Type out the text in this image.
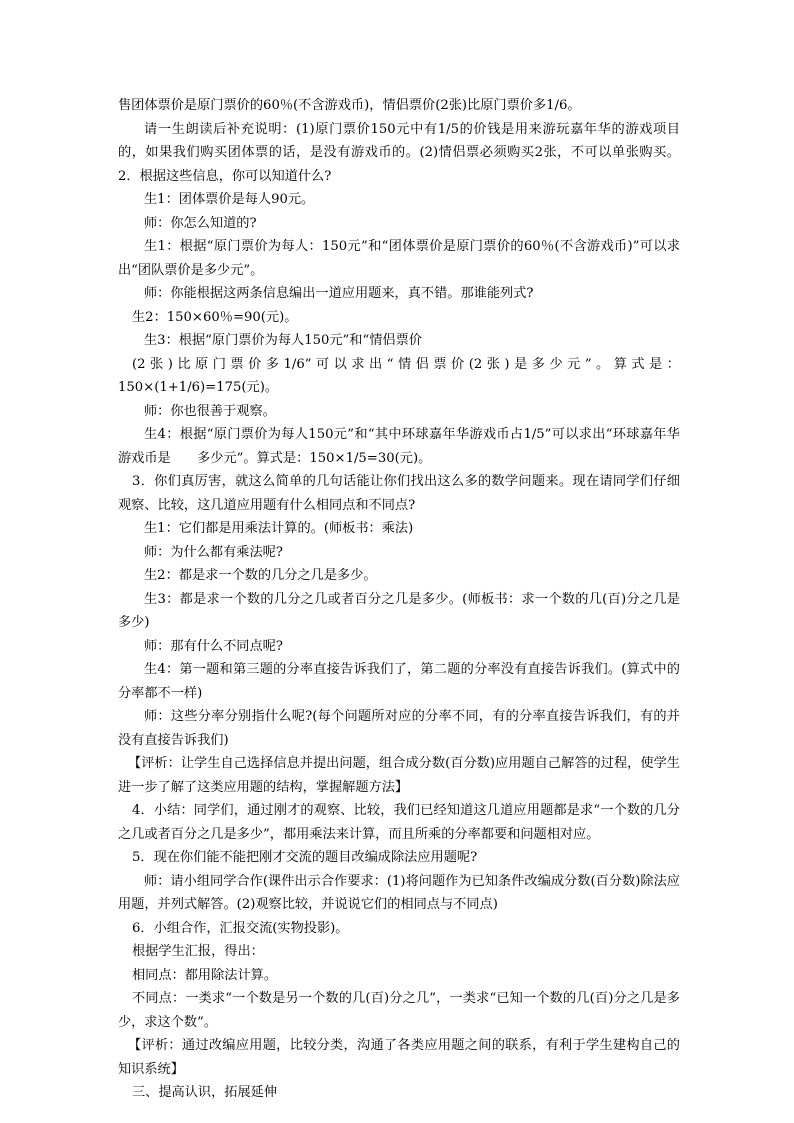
售团体票价是原门票价的60％(不含游戏币)，情侣票价(2张)比原门票价多1/6。

请一生朗读后补充说明：(1)原门票价150元中有1/5的价钱是用来游玩嘉年华的游戏项目的，如果我们购买团体票的话，是没有游戏币的。(2)情侣票必须购买2张，不可以单张购买。2．根据这些信息，你可以知道什么?

生1：团体票价是每人90元。

师：你怎么知道的?

生1：根据“原门票价为每人：150元”和“团体票价是原门票价的60％(不含游戏币)”可以求出“团队票价是多少元”。

师：你能根据这两条信息编出一道应用题来，真不错。那谁能列式?

生2：150×60％=90(元)。

生3：根据“原门票价为每人150元”和“情侣票价

(2张)比原门票价多1/6”可以求出“情侣票价(2张)是多少元”。算式是：

150×(1+1/6)=175(元)。

师：你也很善于观察。

生4：根据“原门票价为每人150元”和“其中环球嘉年华游戏币占1/5”可以求出“环球嘉年华游戏币是　　多少元”。算式是：150×1/5=30(元)。

3．你们真厉害，就这么简单的几句话能让你们找出这么多的数学问题来。现在请同学们仔细观察、比较，这几道应用题有什么相同点和不同点?

生1：它们都是用乘法计算的。(师板书：乘法)

师：为什么都有乘法呢?

生2：都是求一个数的几分之几是多少。

生3：都是求一个数的几分之几或者百分之几是多少。(师板书：求一个数的几(百)分之几是多少)

师：那有什么不同点呢?

生4：第一题和第三题的分率直接告诉我们了，第二题的分率没有直接告诉我们。(算式中的分率都不一样)

师：这些分率分别指什么呢?(每个问题所对应的分率不同，有的分率直接告诉我们，有的并没有直接告诉我们)

【评析：让学生自己选择信息并提出问题，组合成分数(百分数)应用题自己解答的过程，使学生进一步了解了这类应用题的结构，掌握解题方法】

4．小结：同学们，通过刚才的观察、比较，我们已经知道这几道应用题都是求“一个数的几分之几或者百分之几是多少”，都用乘法来计算，而且所乘的分率都要和问题相对应。

5．现在你们能不能把刚才交流的题目改编成除法应用题呢?

师：请小组同学合作(课件出示合作要求：(1)将问题作为已知条件改编成分数(百分数)除法应用题，并列式解答。(2)观察比较，并说说它们的相同点与不同点)

6．小组合作，汇报交流(实物投影)。

根据学生汇报，得出：

相同点：都用除法计算。

不同点：一类求“一个数是另一个数的几(百)分之几”，一类求“已知一个数的几(百)分之几是多少，求这个数”。

【评析：通过改编应用题，比较分类，沟通了各类应用题之间的联系，有利于学生建构自己的知识系统】

三、提高认识，拓展延伸
